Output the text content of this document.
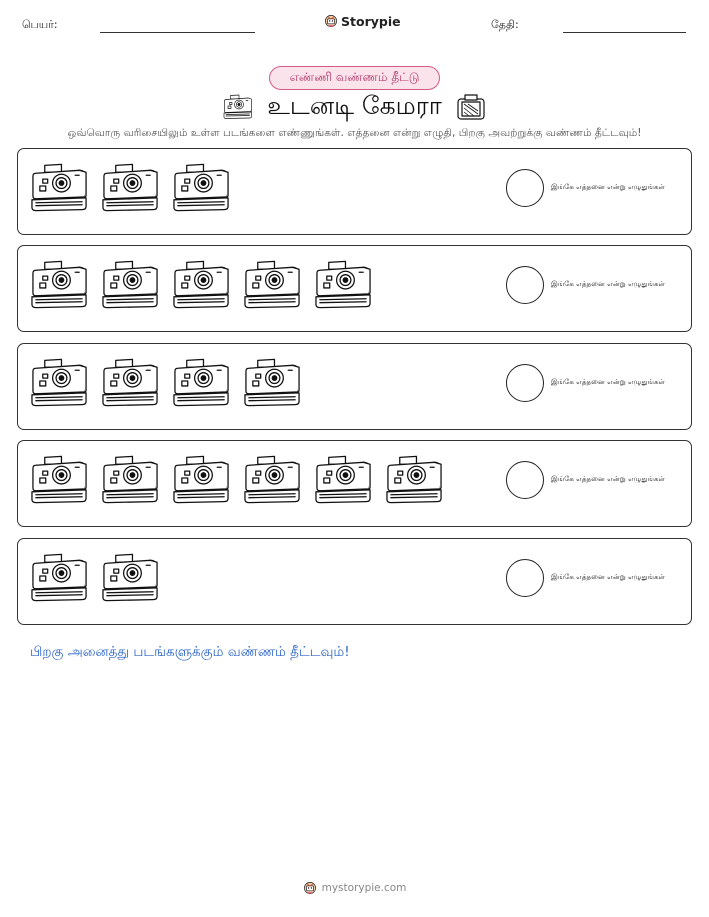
பெயர்:	Storypie	தேதி:
எண்ணி வண்ணம் தீட்டு
உடனடி கேமரா
ஒவ்வொரு வரிசையிலும் உள்ள படங்களை எண்ணுங்கள். எத்தனை என்று எழுதி, பிறகு அவற்றுக்கு வண்ணம் தீட்டவும்!
இங்கே எத்தனை என்று எழுதுங்கள்
இங்கே எத்தனை என்று எழுதுங்கள்
இங்கே எத்தனை என்று எழுதுங்கள்
இங்கே எத்தனை என்று எழுதுங்கள்
இங்கே எத்தனை என்று எழுதுங்கள்
பிறகு அனைத்து படங்களுக்கும் வண்ணம் தீட்டவும்!
mystorypie.com
